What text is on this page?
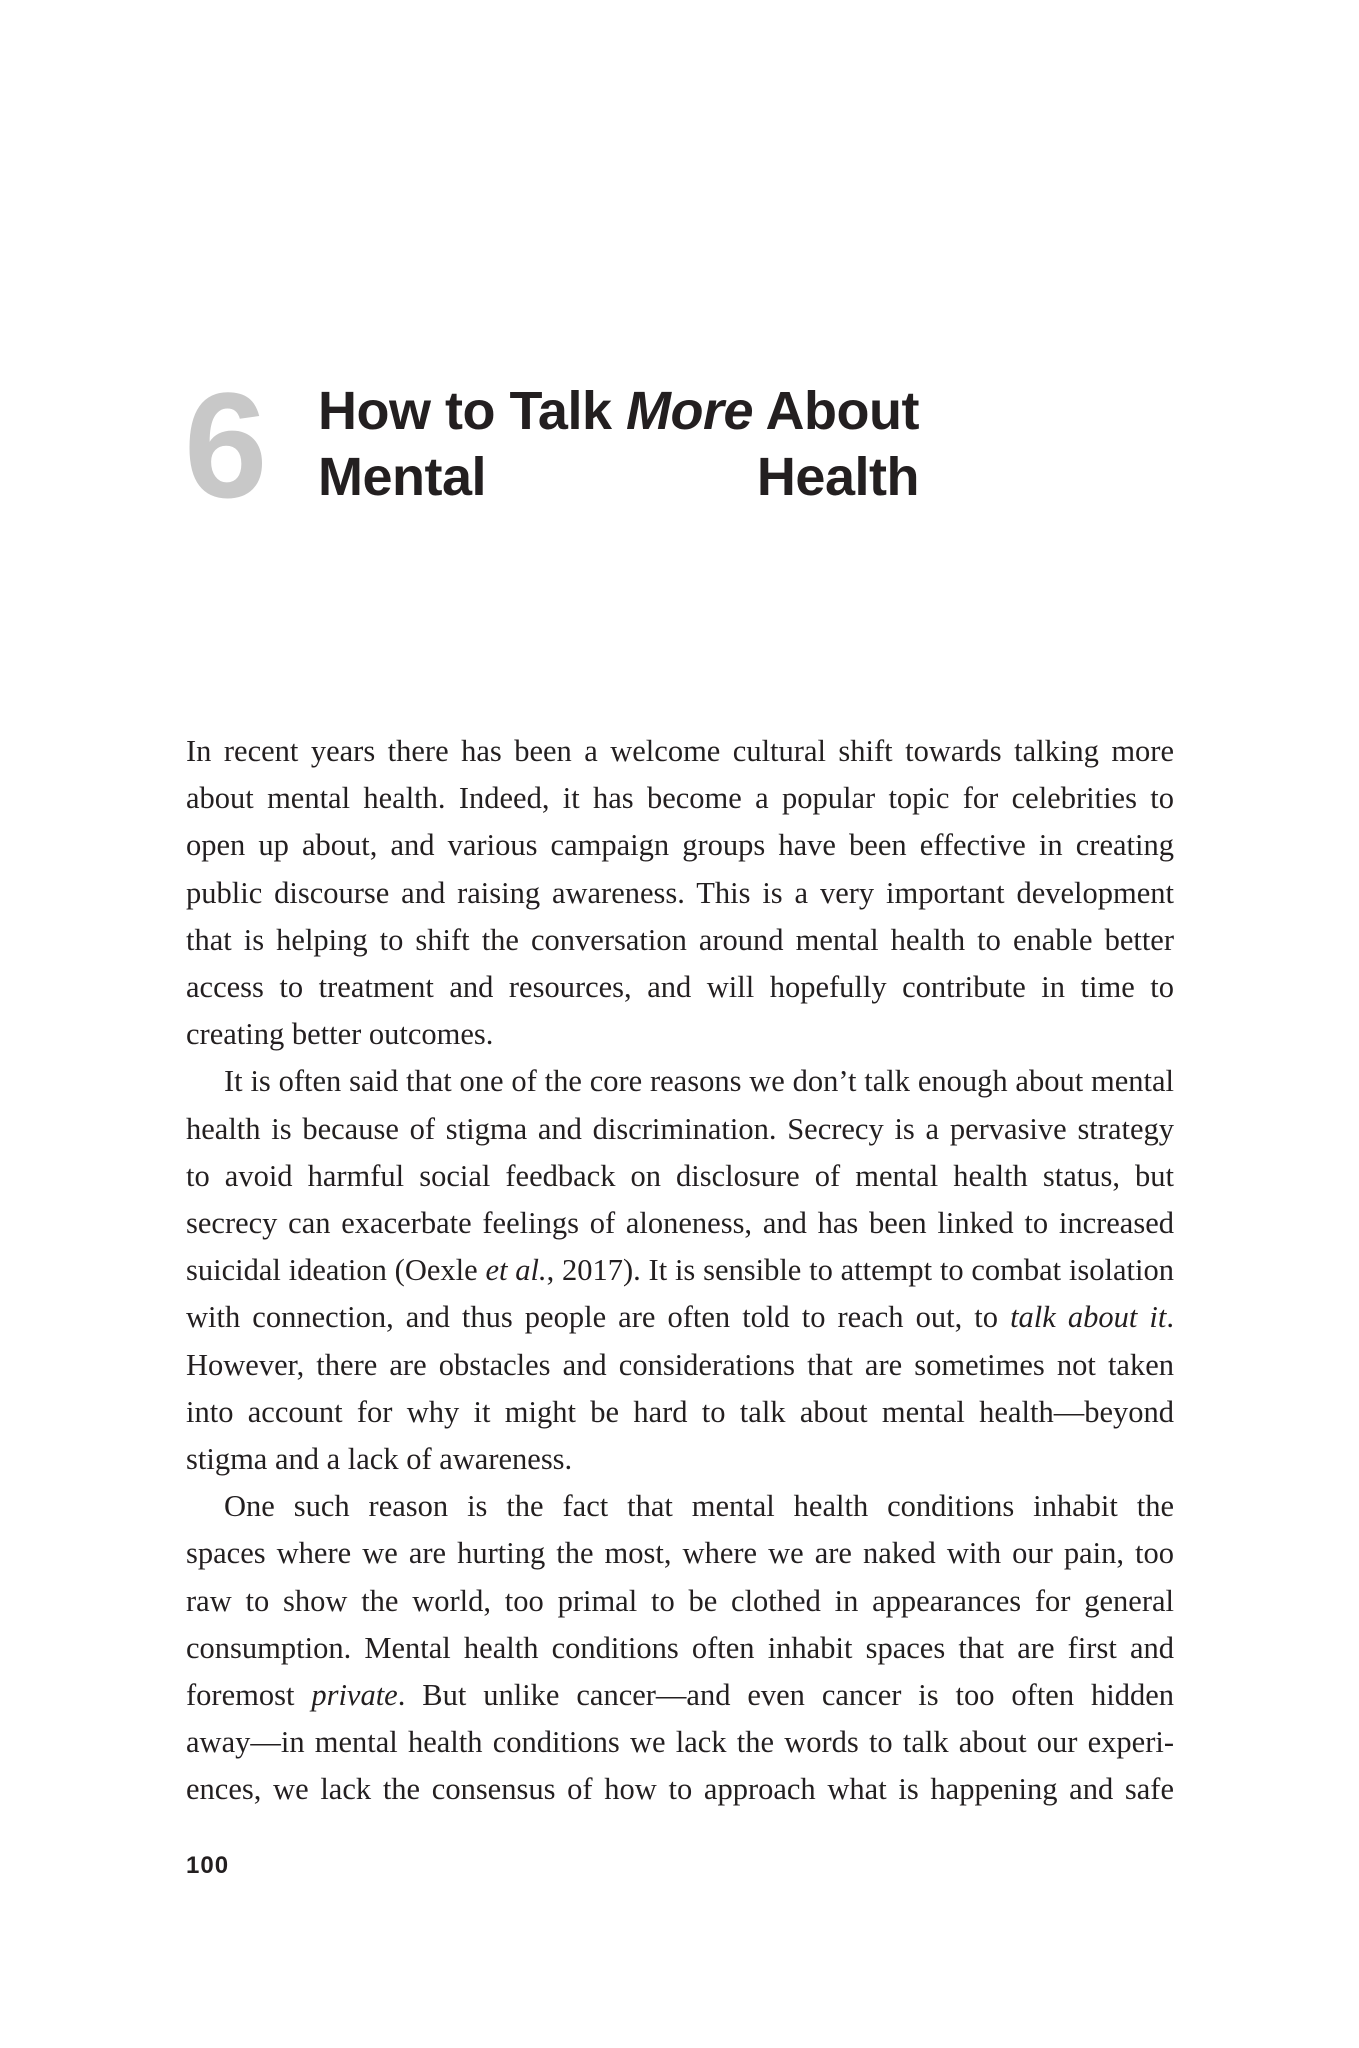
6 How to Talk More About
Mental Health
In recent years there has been a welcome cultural shift towards talking more
about mental health. Indeed, it has become a popular topic for celebrities to
open up about, and various campaign groups have been effective in creating
public discourse and raising awareness. This is a very important development
that is helping to shift the conversation around mental health to enable better
access to treatment and resources, and will hopefully contribute in time to
creating better outcomes.
It is often said that one of the core reasons we don’t talk enough about mental
health is because of stigma and discrimination. Secrecy is a pervasive strategy
to avoid harmful social feedback on disclosure of mental health status, but
secrecy can exacerbate feelings of aloneness, and has been linked to increased
suicidal ideation (Oexle et al., 2017). It is sensible to attempt to combat isolation
with connection, and thus people are often told to reach out, to talk about it.
However, there are obstacles and considerations that are sometimes not taken
into account for why it might be hard to talk about mental health—beyond
stigma and a lack of awareness.
One such reason is the fact that mental health conditions inhabit the
spaces where we are hurting the most, where we are naked with our pain, too
raw to show the world, too primal to be clothed in appearances for general
consumption. Mental health conditions often inhabit spaces that are first and
foremost private. But unlike cancer—and even cancer is too often hidden
away—in mental health conditions we lack the words to talk about our experi-
ences, we lack the consensus of how to approach what is happening and safe
100
